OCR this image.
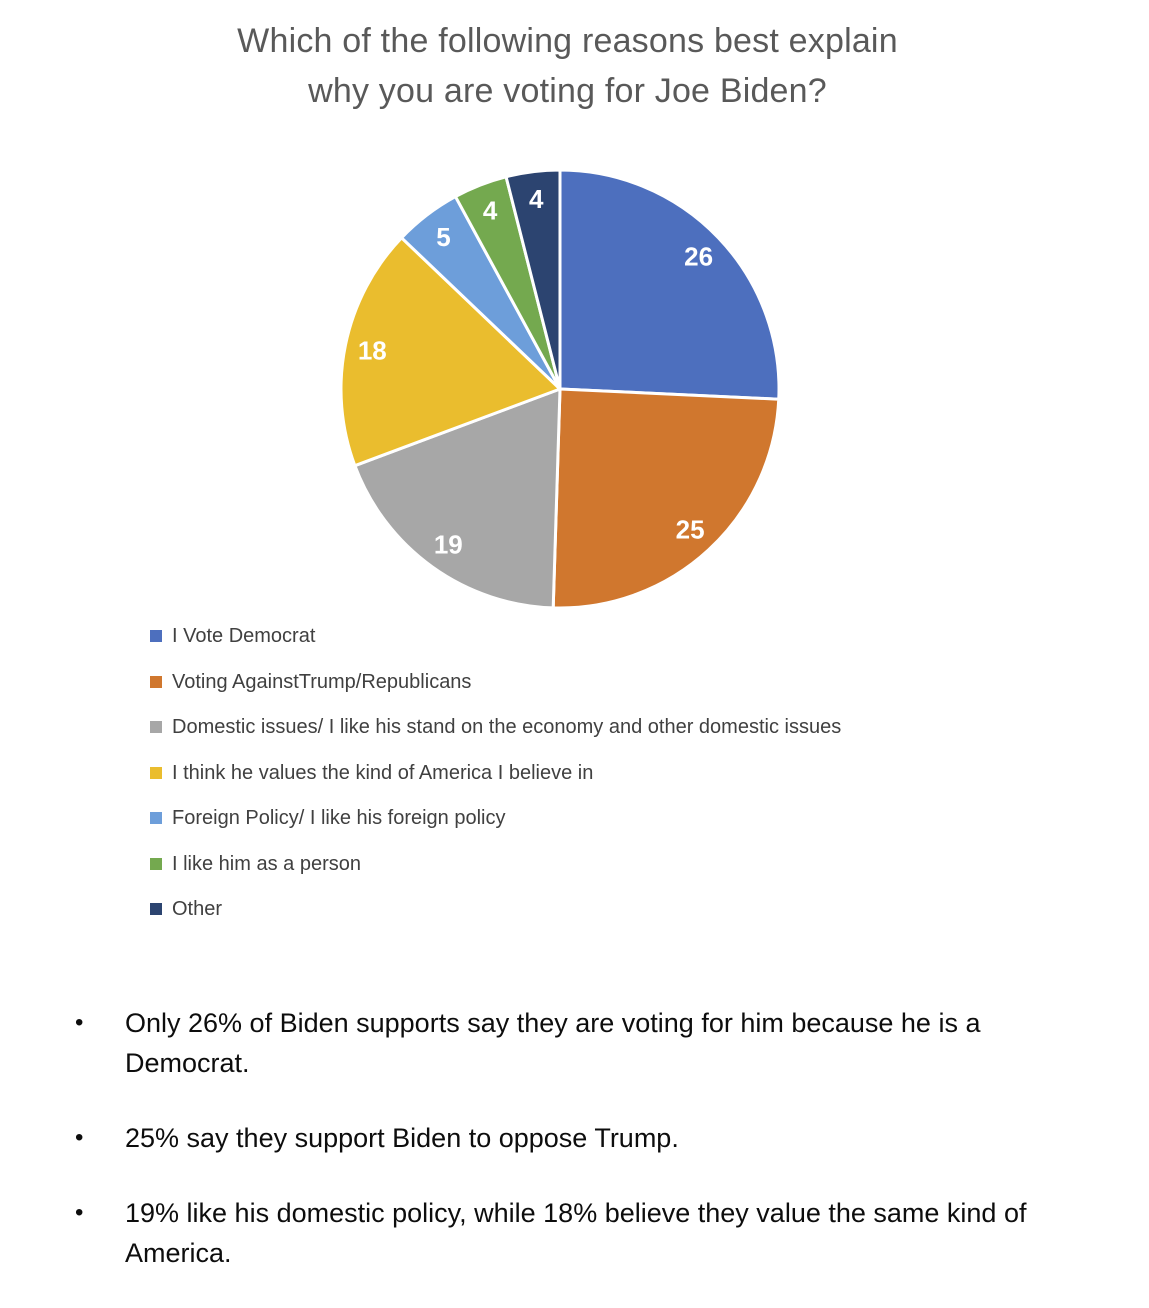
Which of the following reasons best explain
why you are voting for Joe Biden?
26
25
19
18
5
4 4
I Vote Democrat
Voting AgainstTrump/Republicans
Domestic issues/ I like his stand on the economy and other domestic issues
I think he values the kind of America I believe in
Foreign Policy/ I like his foreign policy
I like him as a person
Other
• Only 26% of Biden supports say they are voting for him because he is a Democrat.
• 25% say they support Biden to oppose Trump.
• 19% like his domestic policy, while 18% believe they value the same kind of America.
